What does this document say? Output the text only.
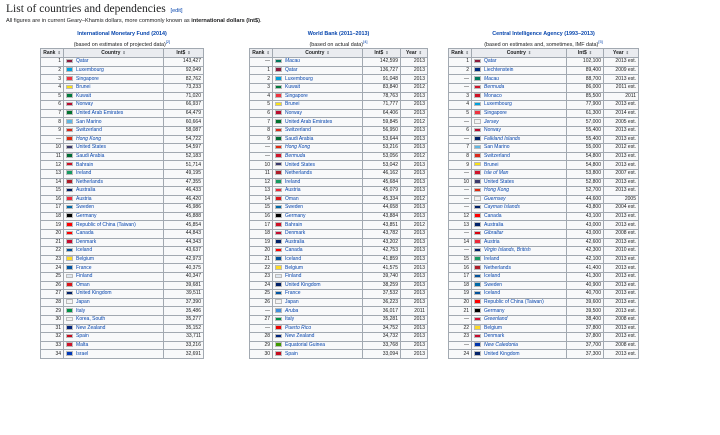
List of countries and dependencies [edit]
All figures are in current Geary–Khamis dollars, more commonly known as international dollars (Int$).
International Monetary Fund (2014)
(based on estimates of projected data)[2]
Rank ⇕	Country ⇕	Int$ ⇕
1	Qatar	143,427
2	Luxembourg	92,049
3	Singapore	82,762
4	Brunei	73,233
5	Kuwait	71,020
6	Norway	66,937
7	United Arab Emirates	64,479
8	San Marino	60,664
9	Switzerland	58,087
—	Hong Kong	54,722
10	United States	54,597
11	Saudi Arabia	52,183
12	Bahrain	51,714
13	Ireland	49,195
14	Netherlands	47,355
15	Australia	46,433
16	Austria	46,420
17	Sweden	45,986
18	Germany	45,888
19	Republic of China (Taiwan)	45,854
20	Canada	44,843
21	Denmark	44,343
22	Iceland	43,637
23	Belgium	42,973
24	France	40,375
25	Finland	40,347
26	Oman	39,681
27	United Kingdom	39,511
28	Japan	37,390
29	Italy	35,486
30	Korea, South	35,277
31	New Zealand	35,152
32	Spain	33,711
33	Malta	33,216
34	Israel	32,691
World Bank (2011–2013)
(based on actual data)[4]
Rank ⇕	Country ⇕	Int$ ⇕	Year ⇕
—	Macau	142,599	2013
1	Qatar	136,727	2013
2	Luxembourg	91,048	2013
3	Kuwait	83,840	2012
4	Singapore	78,763	2013
5	Brunei	71,777	2013
6	Norway	64,406	2013
7	United Arab Emirates	59,845	2012
8	Switzerland	56,950	2013
9	Saudi Arabia	53,644	2013
—	Hong Kong	53,216	2013
—	Bermuda	53,056	2012
10	United States	53,042	2013
11	Netherlands	46,162	2013
12	Ireland	45,684	2013
13	Austria	45,079	2013
14	Oman	45,334	2012
15	Sweden	44,658	2013
16	Germany	43,884	2013
17	Bahrain	43,851	2012
18	Denmark	43,782	2013
19	Australia	43,202	2013
20	Canada	42,753	2013
21	Iceland	41,859	2013
22	Belgium	41,575	2013
23	Finland	39,740	2013
24	United Kingdom	38,259	2013
25	France	37,532	2013
26	Japan	36,223	2013
—	Aruba	36,017	2011
27	Italy	35,281	2013
—	Puerto Rico	34,752	2013
28	New Zealand	34,732	2013
29	Equatorial Guinea	33,768	2013
30	Spain	33,094	2013
Central Intelligence Agency (1993–2013)
(based on estimates and, sometimes, IMF data)[5]
Rank ⇕	Country ⇕	Int$ ⇕	Year ⇕
1	Qatar	102,100	2013 est.
2	Liechtenstein	89,400	2009 est.
—	Macau	88,700	2013 est.
—	Bermuda	86,000	2011 est.
3	Monaco	85,500	2011
4	Luxembourg	77,900	2013 est.
5	Singapore	61,300	2014 est.
—	Jersey	57,000	2005 est.
6	Norway	55,400	2013 est.
—	Falkland Islands	55,400	2013 est.
7	San Marino	55,000	2012 est.
8	Switzerland	54,800	2013 est.
9	Brunei	54,800	2013 est.
—	Isle of Man	53,800	2007 est.
10	United States	52,800	2013 est.
—	Hong Kong	52,700	2013 est.
—	Guernsey	44,600	2005
—	Cayman Islands	43,800	2004 est.
12	Canada	43,100	2013 est.
13	Australia	43,000	2013 est.
—	Gibraltar	43,000	2008 est.
14	Austria	42,600	2013 est.
—	Virgin Islands, British	42,300	2010 est.
15	Ireland	42,100	2013 est.
16	Netherlands	41,400	2013 est.
17	Iceland	41,300	2013 est.
18	Sweden	40,900	2013 est.
19	Iceland	40,700	2013 est.
20	Republic of China (Taiwan)	39,600	2013 est.
21	Germany	39,500	2013 est.
—	Greenland	38,400	2008 est.
22	Belgium	37,800	2013 est.
23	Denmark	37,800	2013 est.
—	New Caledonia	37,700	2008 est.
24	United Kingdom	37,300	2013 est.
